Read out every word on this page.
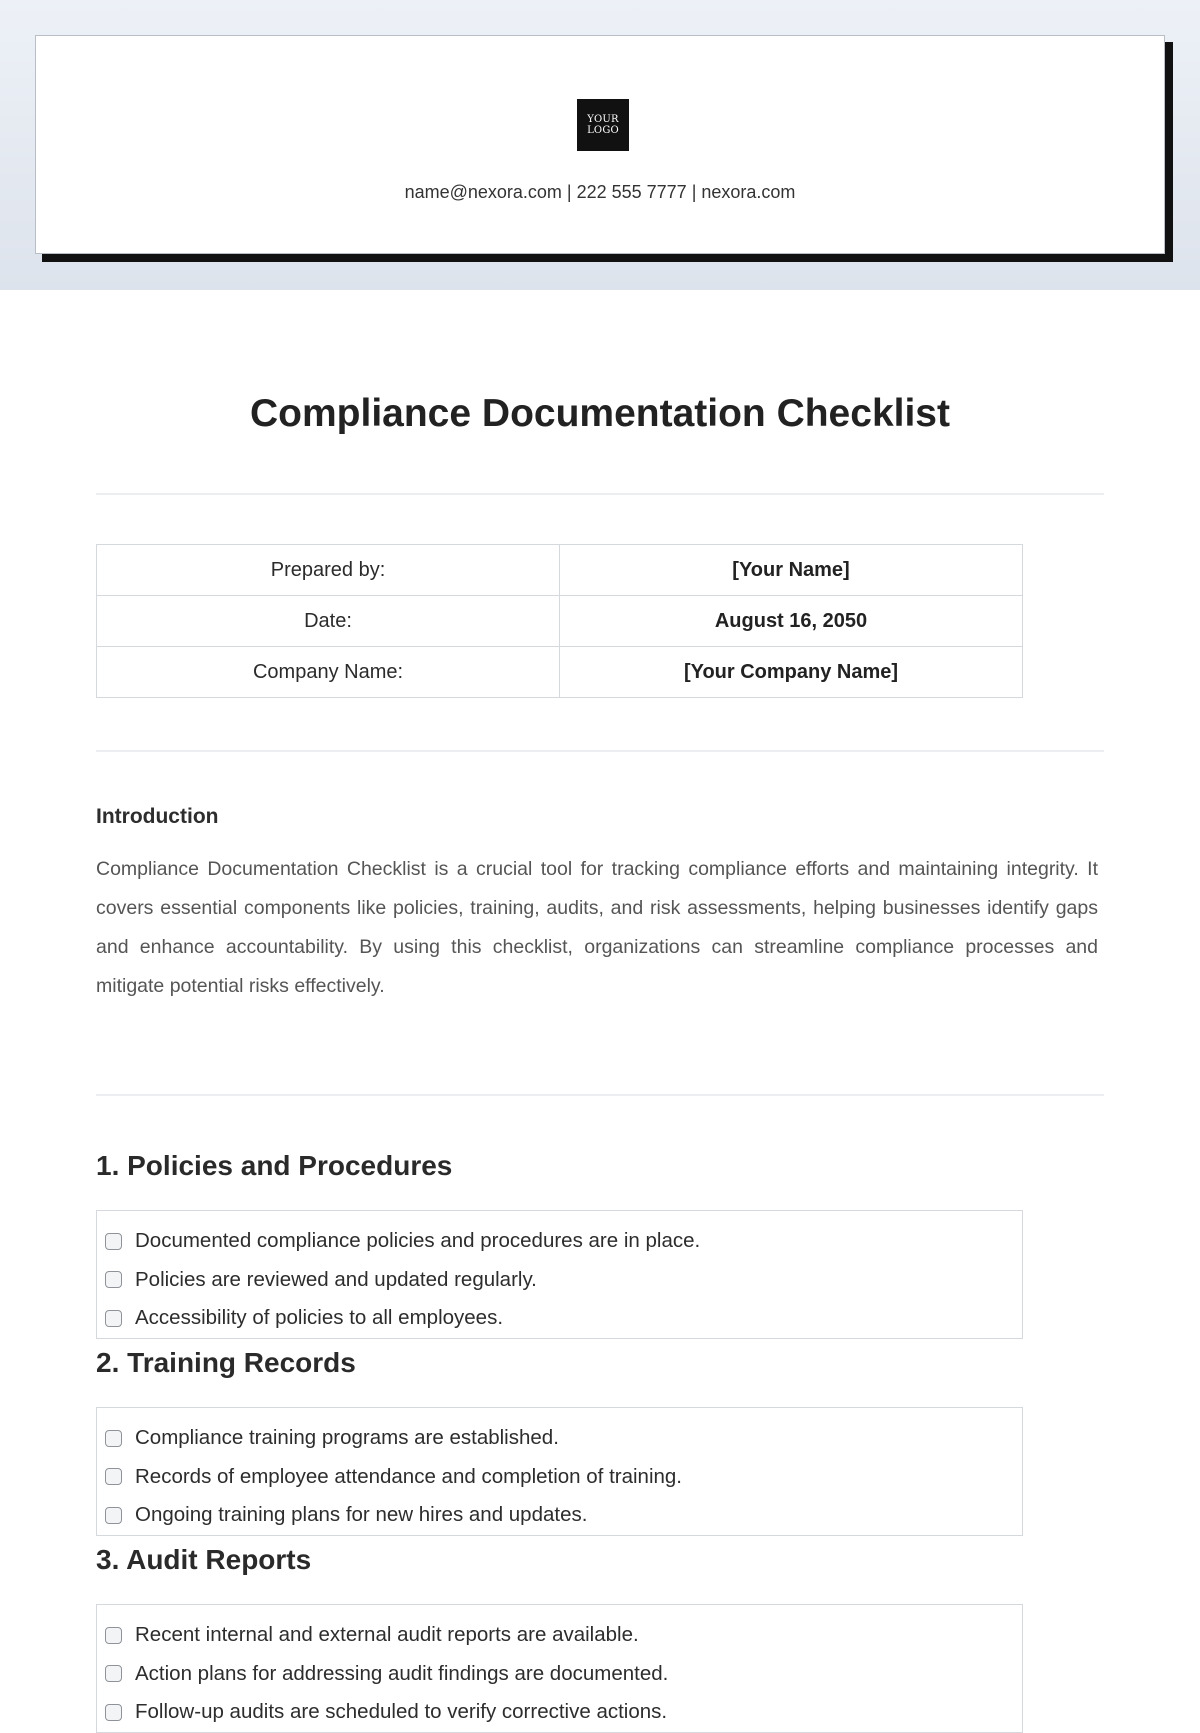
YOUR
LOGO
name@nexora.com | 222 555 7777 | nexora.com
Compliance Documentation Checklist
Prepared by:	[Your Name]
Date:	August 16, 2050
Company Name:	[Your Company Name]
Introduction

Compliance Documentation Checklist is a crucial tool for tracking compliance efforts and maintaining integrity. It covers essential components like policies, training, audits, and risk assessments, helping businesses identify gaps and enhance accountability. By using this checklist, organizations can streamline compliance processes and mitigate potential risks effectively.

1. Policies and Procedures
Documented compliance policies and procedures are in place.
Policies are reviewed and updated regularly.
Accessibility of policies to all employees.
2. Training Records
Compliance training programs are established.
Records of employee attendance and completion of training.
Ongoing training plans for new hires and updates.
3. Audit Reports
Recent internal and external audit reports are available.
Action plans for addressing audit findings are documented.
Follow-up audits are scheduled to verify corrective actions.
